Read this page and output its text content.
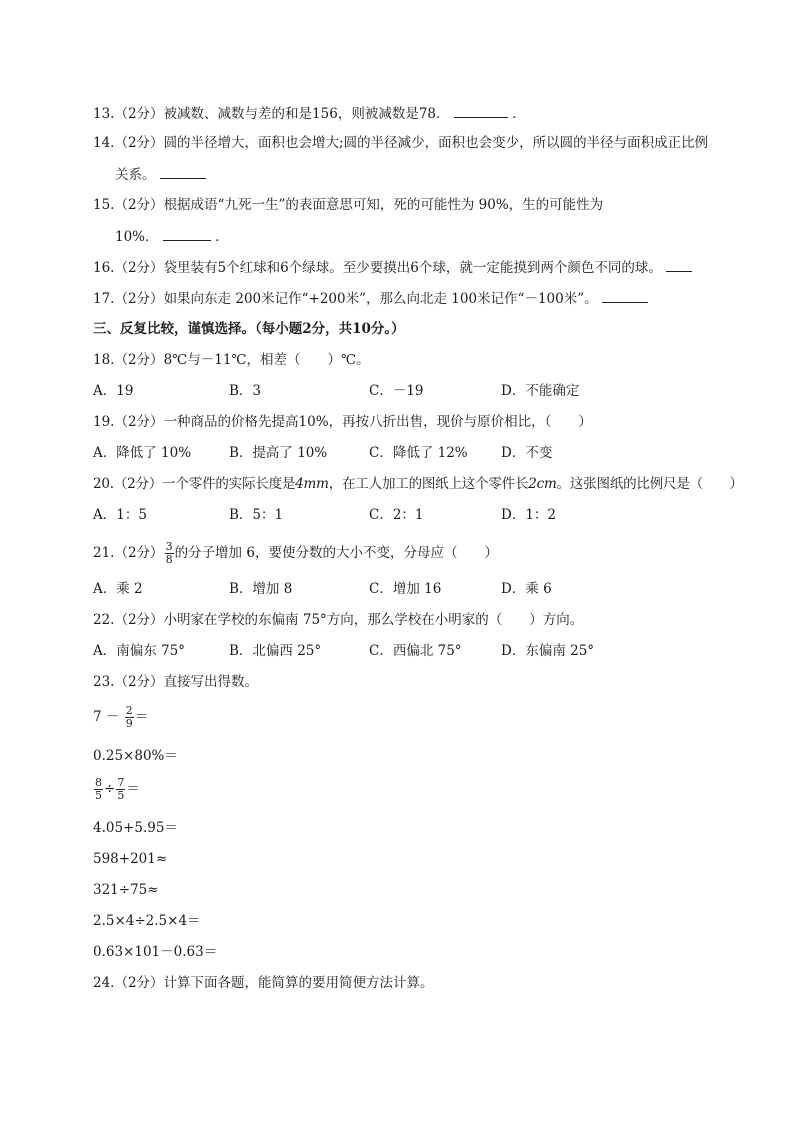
13.（2分）被减数、减数与差的和是156，则被减数是78．	．
14.（2分）圆的半径增大，面积也会增大;圆的半径减少，面积也会变少，所以圆的半径与面积成正比例
关系。
15.（2分）根据成语“九死一生”的表面意思可知，死的可能性为 90%，生的可能性为
10%．	．
16.（2分）袋里装有5个红球和6个绿球。至少要摸出6个球，就一定能摸到两个颜色不同的球。
17.（2分）如果向东走 200米记作“+200米”，那么向北走 100米记作“－100米”。
三、反复比较，谨慎选择。（每小题2分，共10分。）
18.（2分）8℃与－11℃，相差（　　）℃。
A．19	B．3	C．－19	D．不能确定
19.（2分）一种商品的价格先提高10%，再按八折出售，现价与原价相比，（　　）
A．降低了 10%	B．提高了 10%	C．降低了 12% D．不变
20.（2分）一个零件的实际长度是4mm，在工人加工的图纸上这个零件长2cm。这张图纸的比例尺是（　　）
A．1：5	B．5：1	C．2：1	D．1：2
21.（2分） $\frac{3}{8}$ 的分子增加 6，要使分数的大小不变，分母应（　　）
A．乘 2	B．增加 8	C．增加 16	D．乘 6
22.（2分）小明家在学校的东偏南 75°方向，那么学校在小明家的（　　）方向。
A．南偏东 75°	B．北偏西 25°	C．西偏北 75°	D．东偏南 25°
23.（2分）直接写出得数。
$7 - \frac{2}{9}$ ＝
0.25×80%＝
$\frac{8}{5} \div \frac{7}{5}$ ＝
4.05+5.95＝
598+201≈
321÷75≈
2.5×4÷2.5×4＝
0.63×101－0.63＝
24.（2分）计算下面各题，能简算的要用简便方法计算。
